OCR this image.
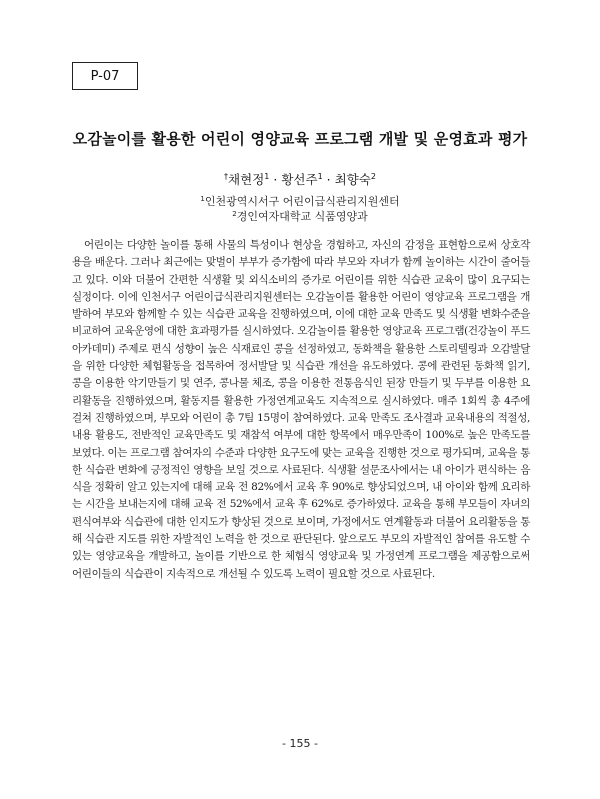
P-07
오감놀이를 활용한 어린이 영양교육 프로그램 개발 및 운영효과 평가
†채현정$^1$ · 황선주$^1$ · 최향숙$^2$
$^1$인천광역시서구 어린이급식관리지원센터
$^2$경인여자대학교 식품영양과

어린이는 다양한 놀이를 통해 사물의 특성이나 현상을 경험하고, 자신의 감정을 표현함으로써 상호작용을 배운다. 그러나 최근에는 맞벌이 부부가 증가함에 따라 부모와 자녀가 함께 놀이하는 시간이 줄어들고 있다. 이와 더불어 간편한 식생활 및 외식소비의 증가로 어린이를 위한 식습관 교육이 많이 요구되는 실정이다. 이에 인천서구 어린이급식관리지원센터는 오감놀이를 활용한 어린이 영양교육 프로그램을 개발하여 부모와 함께할 수 있는 식습관 교육을 진행하였으며, 이에 대한 교육 만족도 및 식생활 변화수준을 비교하여 교육운영에 대한 효과평가를 실시하였다. 오감놀이를 활용한 영양교육 프로그램(건강놀이 푸드 아카데미) 주제로 편식 성향이 높은 식재료인 콩을 선정하였고, 동화책을 활용한 스토리텔링과 오감발달을 위한 다양한 체험활동을 접목하여 정서발달 및 식습관 개선을 유도하였다. 콩에 관련된 동화책 읽기, 콩을 이용한 악기만들기 및 연주, 콩나물 체조, 콩을 이용한 전통음식인 된장 만들기 및 두부를 이용한 요리활동을 진행하였으며, 활동지를 활용한 가정연계교육도 지속적으로 실시하였다. 매주 1회씩 총 4주에 걸쳐 진행하였으며, 부모와 어린이 총 7팀 15명이 참여하였다. 교육 만족도 조사결과 교육내용의 적절성, 내용 활용도, 전반적인 교육만족도 및 재참석 여부에 대한 항목에서 매우만족이 100%로 높은 만족도를 보였다. 이는 프로그램 참여자의 수준과 다양한 요구도에 맞는 교육을 진행한 것으로 평가되며, 교육을 통한 식습관 변화에 긍정적인 영향을 보일 것으로 사료된다. 식생활 설문조사에서는 내 아이가 편식하는 음식을 정확히 알고 있는지에 대해 교육 전 82%에서 교육 후 90%로 향상되었으며, 내 아이와 함께 요리하는 시간을 보내는지에 대해 교육 전 52%에서 교육 후 62%로 증가하였다. 교육을 통해 부모들이 자녀의 편식여부와 식습관에 대한 인지도가 향상된 것으로 보이며, 가정에서도 연계활동과 더불어 요리활동을 통해 식습관 지도를 위한 자발적인 노력을 한 것으로 판단된다. 앞으로도 부모의 자발적인 참여를 유도할 수 있는 영양교육을 개발하고, 놀이를 기반으로 한 체험식 영양교육 및 가정연계 프로그램을 제공함으로써 어린이들의 식습관이 지속적으로 개선될 수 있도록 노력이 필요할 것으로 사료된다.

- 155 -
